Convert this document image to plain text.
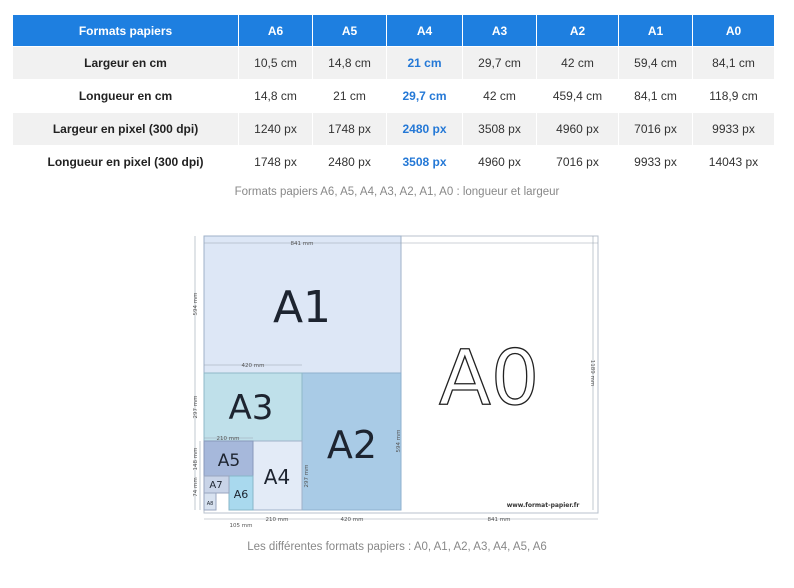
Formats papiers	A6	A5	A4	A3	A2	A1	A0
Largeur en cm	10,5 cm	14,8 cm	21 cm	29,7 cm	42 cm	59,4 cm	84,1 cm
Longueur en cm	14,8 cm	21 cm	29,7 cm	42 cm	459,4 cm	84,1 cm	118,9 cm
Largeur en pixel (300 dpi)	1240 px	1748 px	2480 px	3508 px	4960 px	7016 px	9933 px
Longueur en pixel (300 dpi)	1748 px	2480 px	3508 px	4960 px	7016 px	9933 px	14043 px
Formats papiers A6, A5, A4, A3, A2, A1, A0 : longueur et largeur
A0
A1
A2
A3
A4
A5
A6
A7
A8
841 mm
420 mm
210 mm
105 mm
210 mm	420 mm	841 mm
594 mm
297 mm
148 mm
74 mm	297 mm
594 mm
1189 mm
www.format-papier.fr
Les différentes formats papiers : A0, A1, A2, A3, A4, A5, A6
